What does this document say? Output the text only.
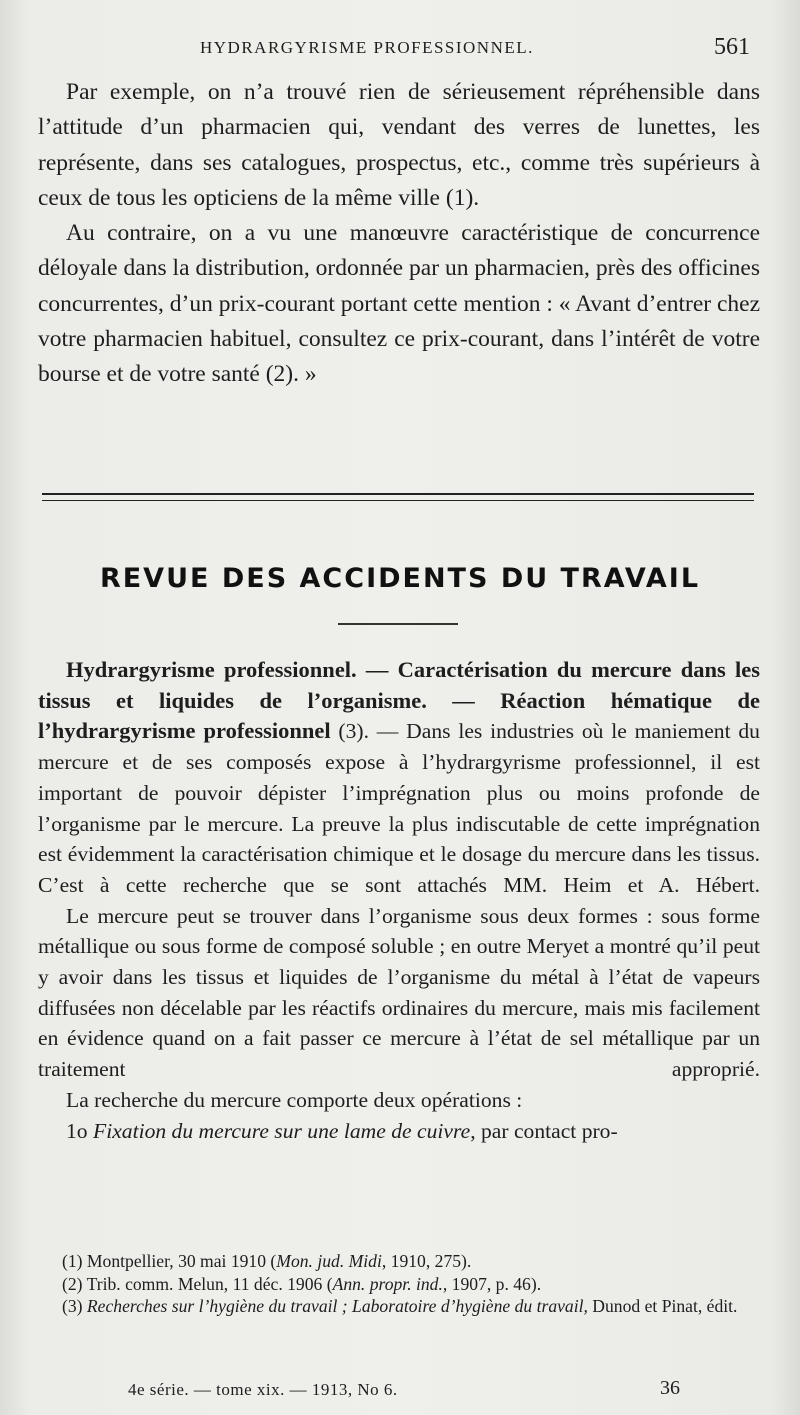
HYDRARGYRISME PROFESSIONNEL.	561

Par exemple, on n’a trouvé rien de sérieusement répréhensible dans l’attitude d’un pharmacien qui, vendant des verres de lunettes, les représente, dans ses catalogues, prospectus, etc., comme très supérieurs à ceux de tous les opticiens de la même ville (1).

Au contraire, on a vu une manœuvre caractéristique de concurrence déloyale dans la distribution, ordonnée par un pharmacien, près des officines concurrentes, d’un prix-courant portant cette mention : « Avant d’entrer chez votre pharmacien habituel, consultez ce prix-courant, dans l’intérêt de votre bourse et de votre santé (2). »

REVUE DES ACCIDENTS DU TRAVAIL

Hydrargyrisme professionnel. — Caractérisation du mercure dans les tissus et liquides de l’organisme. — Réaction hématique de l’hydrargyrisme professionnel (3). — Dans les industries où le maniement du mercure et de ses composés expose à l’hydrargyrisme professionnel, il est important de pouvoir dépister l’imprégnation plus ou moins profonde de l’organisme par le mercure. La preuve la plus indiscutable de cette imprégnation est évidemment la caractérisation chimique et le dosage du mercure dans les tissus. C’est à cette recherche que se sont attachés MM. Heim et A. Hébert.

Le mercure peut se trouver dans l’organisme sous deux formes : sous forme métallique ou sous forme de composé soluble ; en outre Meryet a montré qu’il peut y avoir dans les tissus et liquides de l’organisme du métal à l’état de vapeurs diffusées non décelable par les réactifs ordinaires du mercure, mais mis facilement en évidence quand on a fait passer ce mercure à l’état de sel métallique par un traitement approprié.

La recherche du mercure comporte deux opérations :

1o Fixation du mercure sur une lame de cuivre, par contact pro-

(1) Montpellier, 30 mai 1910 (Mon. jud. Midi, 1910, 275).

(2) Trib. comm. Melun, 11 déc. 1906 (Ann. propr. ind., 1907, p. 46).

(3) Recherches sur l’hygiène du travail ; Laboratoire d’hygiène du travail, Dunod et Pinat, édit.

4e série. — tome xix. — 1913, No 6.	36
